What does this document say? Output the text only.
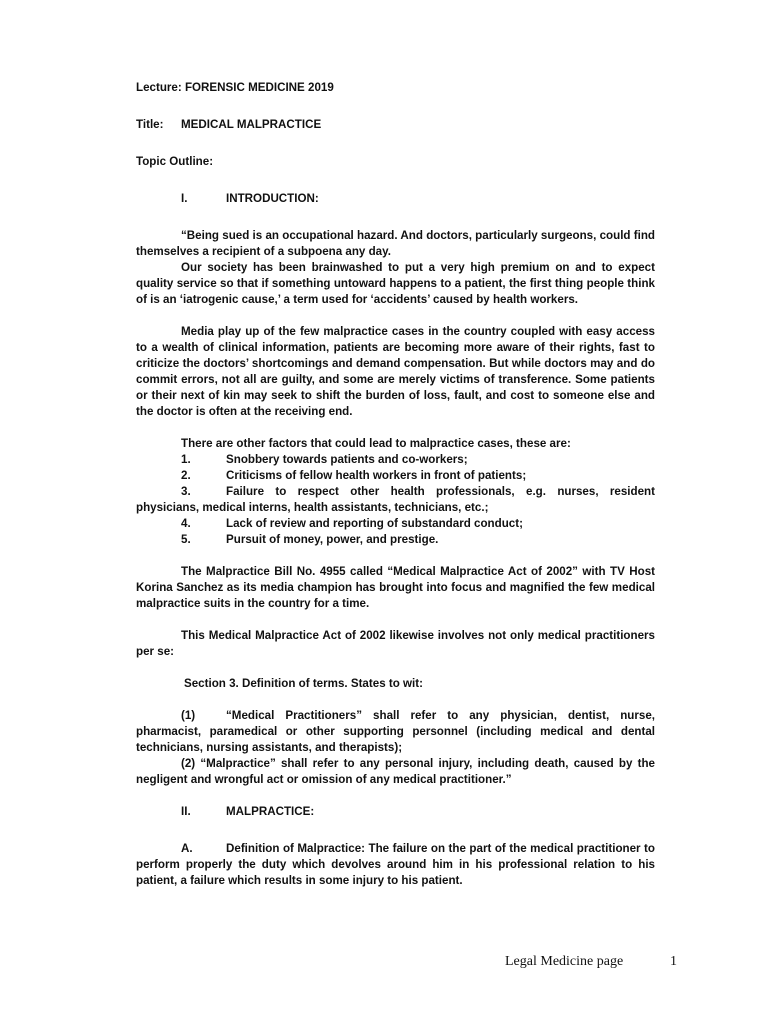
Lecture: FORENSIC MEDICINE 2019

Title: MEDICAL MALPRACTICE

Topic Outline:

I.	INTRODUCTION:

“Being sued is an occupational hazard. And doctors, particularly surgeons, could find themselves a recipient of a subpoena any day.

Our society has been brainwashed to put a very high premium on and to expect quality service so that if something untoward happens to a patient, the first thing people think of is an ‘iatrogenic cause,’ a term used for ‘accidents’ caused by health workers.

Media play up of the few malpractice cases in the country coupled with easy access to a wealth of clinical information, patients are becoming more aware of their rights, fast to criticize the doctors’ shortcomings and demand compensation. But while doctors may and do commit errors, not all are guilty, and some are merely victims of transference. Some patients or their next of kin may seek to shift the burden of loss, fault, and cost to someone else and the doctor is often at the receiving end.

There are other factors that could lead to malpractice cases, these are:

1.	Snobbery towards patients and co-workers;

2.	Criticisms of fellow health workers in front of patients;

3.	Failure to respect other health professionals, e.g. nurses, resident physicians, medical interns, health assistants, technicians, etc.;

4.	Lack of review and reporting of substandard conduct;

5.	Pursuit of money, power, and prestige.

The Malpractice Bill No. 4955 called “Medical Malpractice Act of 2002” with TV Host Korina Sanchez as its media champion has brought into focus and magnified the few medical malpractice suits in the country for a time.

This Medical Malpractice Act of 2002 likewise involves not only medical practitioners per se:

Section 3. Definition of terms. States to wit:

(1)	“Medical Practitioners” shall refer to any physician, dentist, nurse, pharmacist, paramedical or other supporting personnel (including medical and dental technicians, nursing assistants, and therapists);

(2) “Malpractice” shall refer to any personal injury, including death, caused by the negligent and wrongful act or omission of any medical practitioner.”

II.	MALPRACTICE:

A.	Definition of Malpractice: The failure on the part of the medical practitioner to perform properly the duty which devolves around him in his professional relation to his patient, a failure which results in some injury to his patient.

Legal Medicine page	1
